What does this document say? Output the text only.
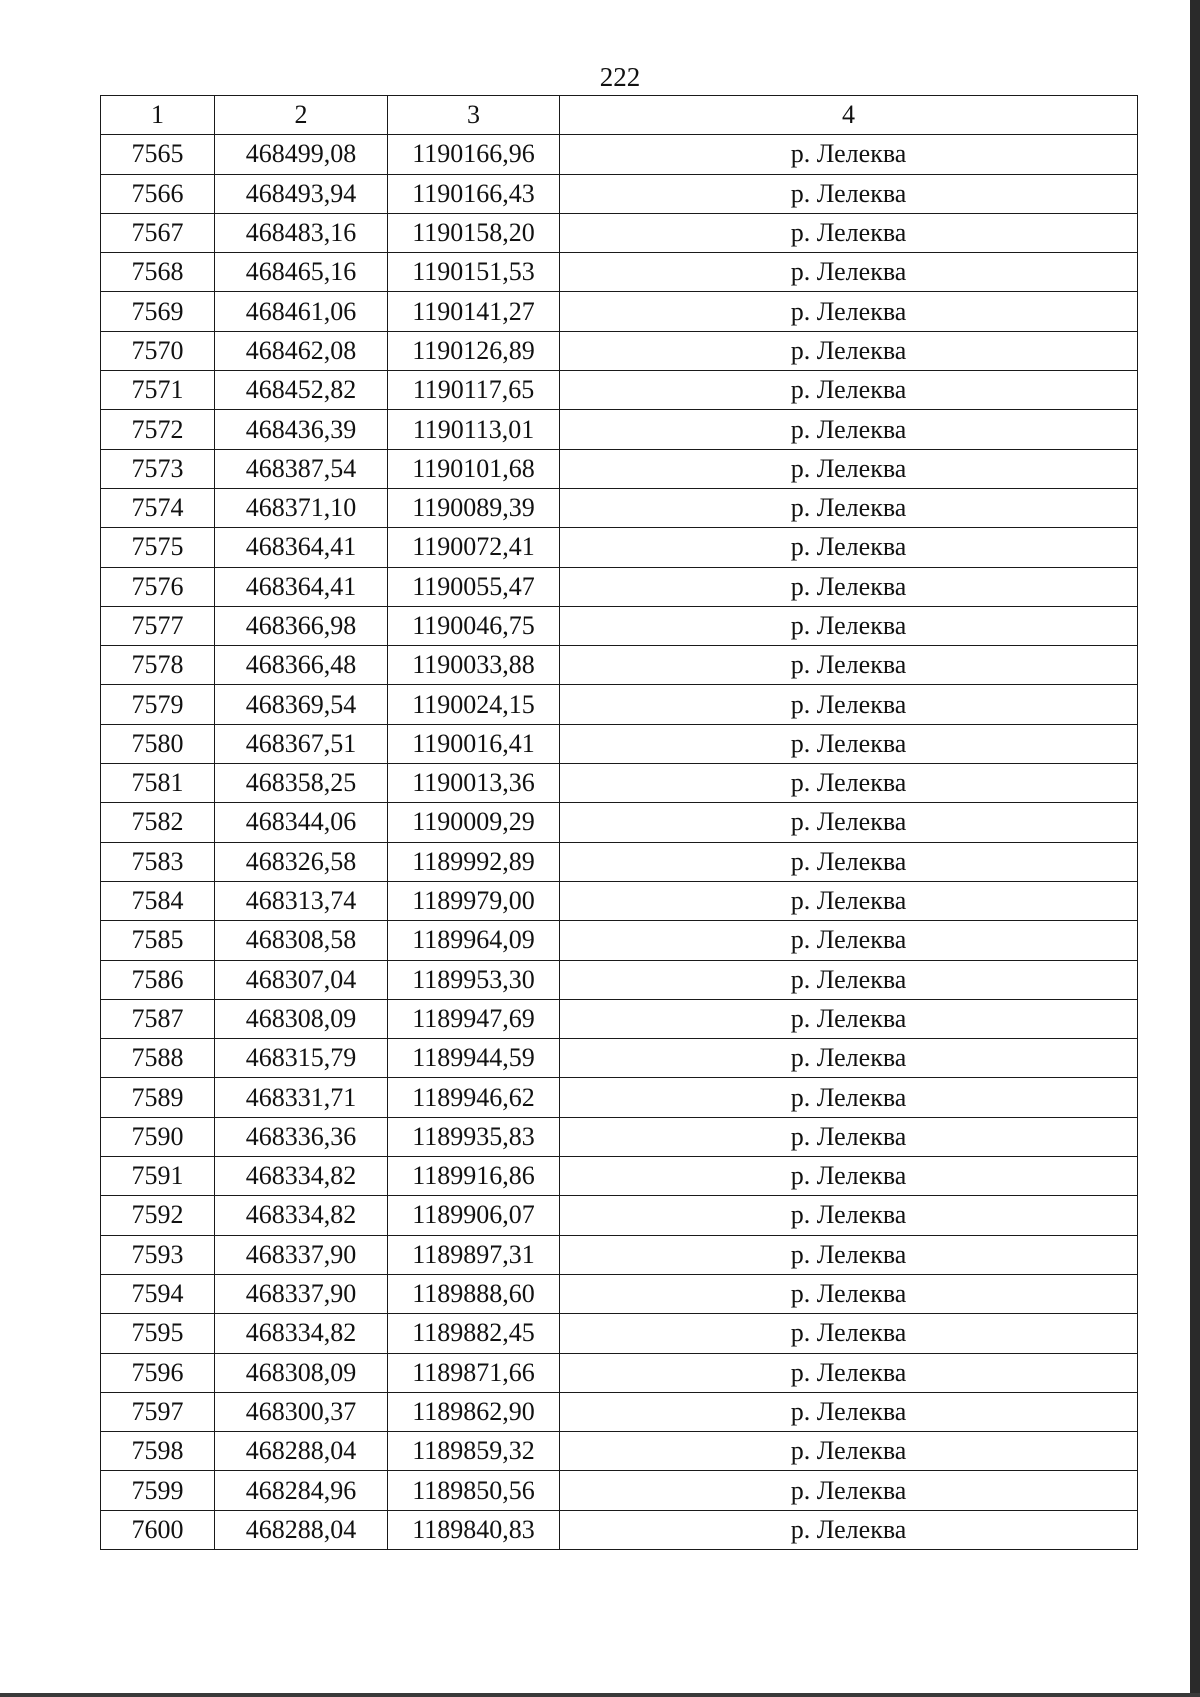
222
1	2	3	4
7565	468499,08	1190166,96	р. Лелеква
7566	468493,94	1190166,43	р. Лелеква
7567	468483,16	1190158,20	р. Лелеква
7568	468465,16	1190151,53	р. Лелеква
7569	468461,06	1190141,27	р. Лелеква
7570	468462,08	1190126,89	р. Лелеква
7571	468452,82	1190117,65	р. Лелеква
7572	468436,39	1190113,01	р. Лелеква
7573	468387,54	1190101,68	р. Лелеква
7574	468371,10	1190089,39	р. Лелеква
7575	468364,41	1190072,41	р. Лелеква
7576	468364,41	1190055,47	р. Лелеква
7577	468366,98	1190046,75	р. Лелеква
7578	468366,48	1190033,88	р. Лелеква
7579	468369,54	1190024,15	р. Лелеква
7580	468367,51	1190016,41	р. Лелеква
7581	468358,25	1190013,36	р. Лелеква
7582	468344,06	1190009,29	р. Лелеква
7583	468326,58	1189992,89	р. Лелеква
7584	468313,74	1189979,00	р. Лелеква
7585	468308,58	1189964,09	р. Лелеква
7586	468307,04	1189953,30	р. Лелеква
7587	468308,09	1189947,69	р. Лелеква
7588	468315,79	1189944,59	р. Лелеква
7589	468331,71	1189946,62	р. Лелеква
7590	468336,36	1189935,83	р. Лелеква
7591	468334,82	1189916,86	р. Лелеква
7592	468334,82	1189906,07	р. Лелеква
7593	468337,90	1189897,31	р. Лелеква
7594	468337,90	1189888,60	р. Лелеква
7595	468334,82	1189882,45	р. Лелеква
7596	468308,09	1189871,66	р. Лелеква
7597	468300,37	1189862,90	р. Лелеква
7598	468288,04	1189859,32	р. Лелеква
7599	468284,96	1189850,56	р. Лелеква
7600	468288,04	1189840,83	р. Лелеква
